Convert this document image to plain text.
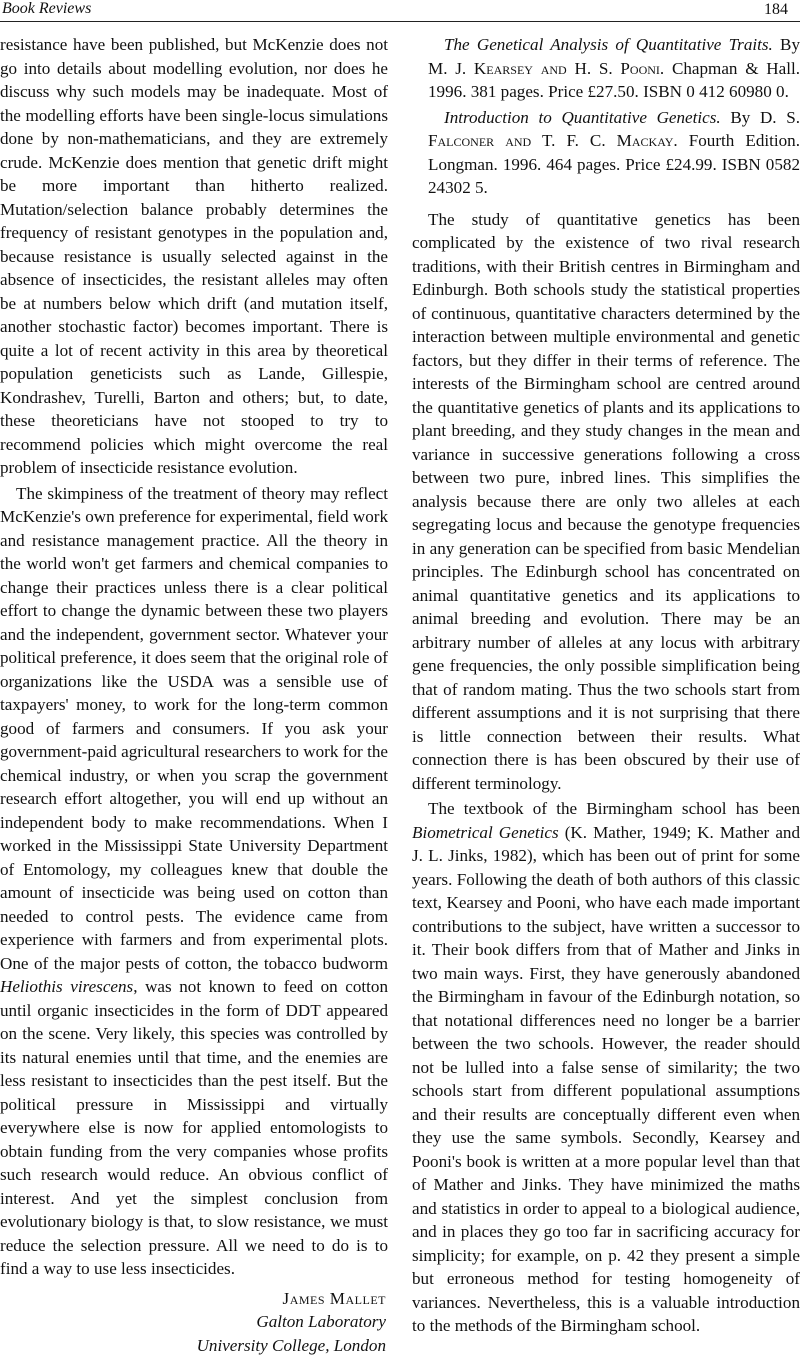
Book Reviews	184

resistance have been published, but McKenzie does not go into details about modelling evolution, nor does he discuss why such models may be inadequate. Most of the modelling efforts have been single-locus simulations done by non-mathematicians, and they are extremely crude. McKenzie does mention that genetic drift might be more important than hitherto realized. Mutation/selection balance probably determines the frequency of resistant genotypes in the population and, because resistance is usually selected against in the absence of insecticides, the resistant alleles may often be at numbers below which drift (and mutation itself, another stochastic factor) becomes important. There is quite a lot of recent activity in this area by theoretical population geneticists such as Lande, Gillespie, Kondrashev, Turelli, Barton and others; but, to date, these theoreticians have not stooped to try to recommend policies which might overcome the real problem of insecticide resistance evolution.

The skimpiness of the treatment of theory may reflect McKenzie's own preference for experimental, field work and resistance management practice. All the theory in the world won't get farmers and chemical companies to change their practices unless there is a clear political effort to change the dynamic between these two players and the independent, government sector. Whatever your political preference, it does seem that the original role of organizations like the USDA was a sensible use of taxpayers' money, to work for the long-term common good of farmers and consumers. If you ask your government-paid agricultural researchers to work for the chemical industry, or when you scrap the government research effort altogether, you will end up without an independent body to make recommendations. When I worked in the Mississippi State University Department of Entomology, my colleagues knew that double the amount of insecticide was being used on cotton than needed to control pests. The evidence came from experience with farmers and from experimental plots. One of the major pests of cotton, the tobacco budworm Heliothis virescens, was not known to feed on cotton until organic insecticides in the form of DDT appeared on the scene. Very likely, this species was controlled by its natural enemies until that time, and the enemies are less resistant to insecticides than the pest itself. But the political pressure in Mississippi and virtually everywhere else is now for applied entomologists to obtain funding from the very companies whose profits such research would reduce. An obvious conflict of interest. And yet the simplest conclusion from evolutionary biology is that, to slow resistance, we must reduce the selection pressure. All we need to do is to find a way to use less insecticides.

James Mallet
Galton Laboratory
University College, London

The Genetical Analysis of Quantitative Traits. By M. J. Kearsey and H. S. Pooni. Chapman & Hall. 1996. 381 pages. Price £27.50. ISBN 0 412 60980 0.

Introduction to Quantitative Genetics. By D. S. Falconer and T. F. C. Mackay. Fourth Edition. Longman. 1996. 464 pages. Price £24.99. ISBN 0582 24302 5.

The study of quantitative genetics has been complicated by the existence of two rival research traditions, with their British centres in Birmingham and Edinburgh. Both schools study the statistical properties of continuous, quantitative characters determined by the interaction between multiple environmental and genetic factors, but they differ in their terms of reference. The interests of the Birmingham school are centred around the quantitative genetics of plants and its applications to plant breeding, and they study changes in the mean and variance in successive generations following a cross between two pure, inbred lines. This simplifies the analysis because there are only two alleles at each segregating locus and because the genotype frequencies in any generation can be specified from basic Mendelian principles. The Edinburgh school has concentrated on animal quantitative genetics and its applications to animal breeding and evolution. There may be an arbitrary number of alleles at any locus with arbitrary gene frequencies, the only possible simplification being that of random mating. Thus the two schools start from different assumptions and it is not surprising that there is little connection between their results. What connection there is has been obscured by their use of different terminology.

The textbook of the Birmingham school has been Biometrical Genetics (K. Mather, 1949; K. Mather and J. L. Jinks, 1982), which has been out of print for some years. Following the death of both authors of this classic text, Kearsey and Pooni, who have each made important contributions to the subject, have written a successor to it. Their book differs from that of Mather and Jinks in two main ways. First, they have generously abandoned the Birmingham in favour of the Edinburgh notation, so that notational differences need no longer be a barrier between the two schools. However, the reader should not be lulled into a false sense of similarity; the two schools start from different populational assumptions and their results are conceptually different even when they use the same symbols. Secondly, Kearsey and Pooni's book is written at a more popular level than that of Mather and Jinks. They have minimized the maths and statistics in order to appeal to a biological audience, and in places they go too far in sacrificing accuracy for simplicity; for example, on p. 42 they present a simple but erroneous method for testing homogeneity of variances. Nevertheless, this is a valuable introduction to the methods of the Birmingham school.
